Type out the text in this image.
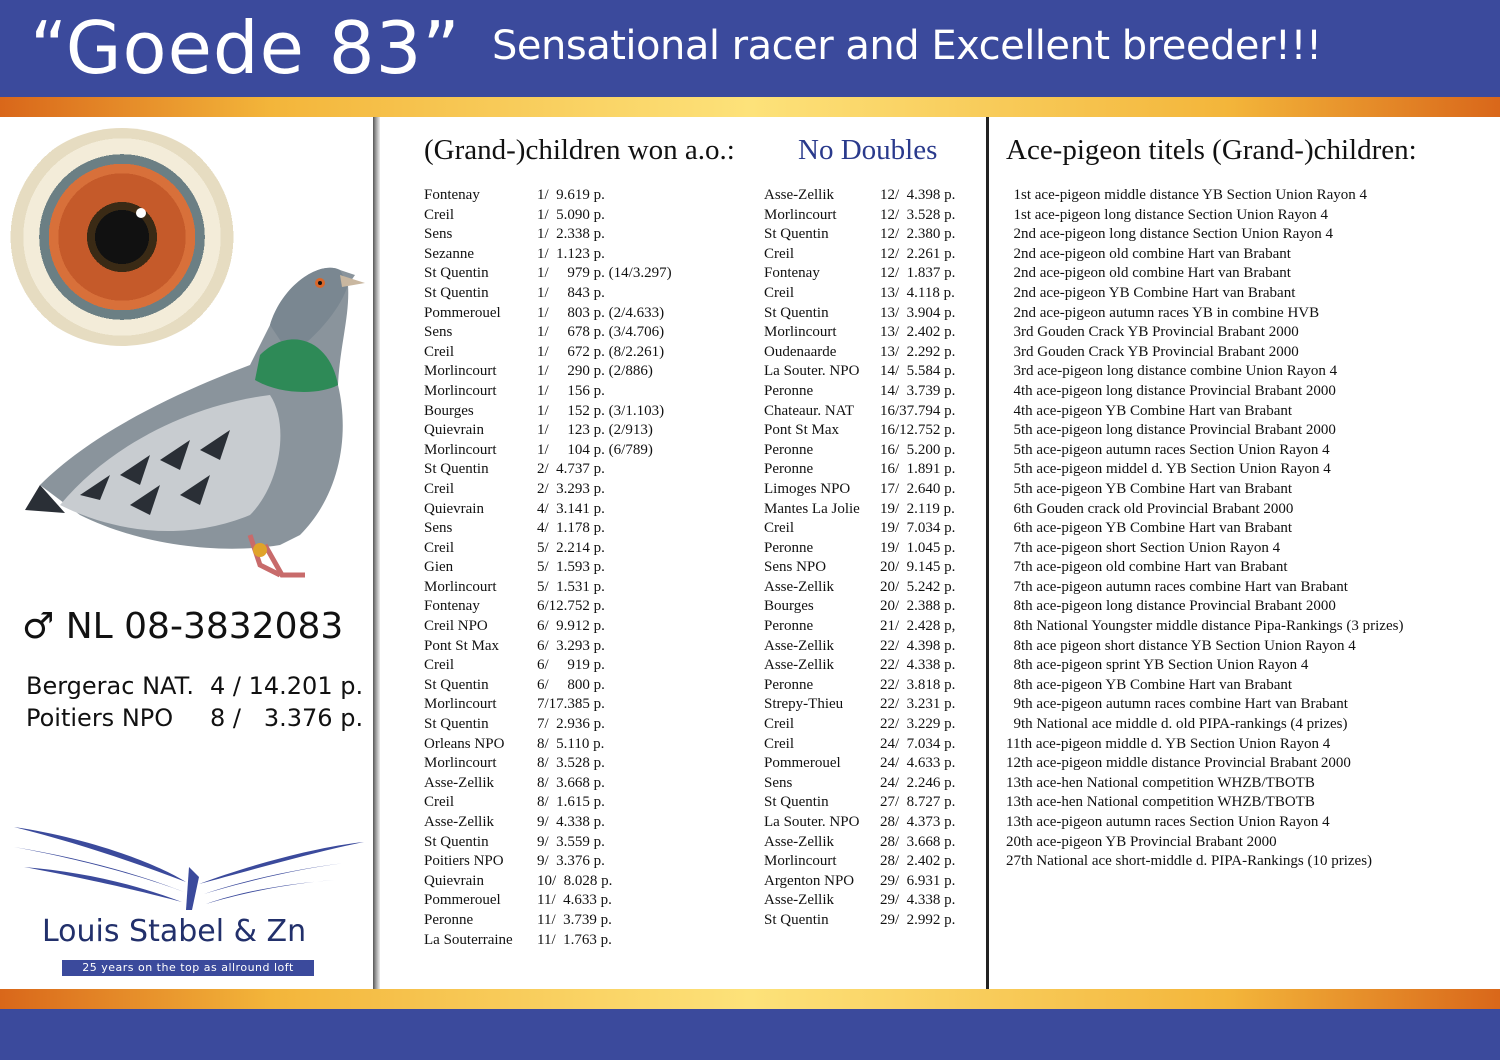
“Goede 83” Sensational racer and Excellent breeder!!!
♂ NL 08-3832083
Bergerac NAT. 4 / 14.201 p.
Poitiers NPO 8 /   3.376 p.
Louis Stabel & Zn
25 years on the top as allround loft
(Grand-)children won a.o.: No Doubles
Fontenay	1/  9.619 p.
Creil	1/  5.090 p.
Sens	1/  2.338 p.
Sezanne	1/  1.123 p.
St Quentin	1/     979 p. (14/3.297)
St Quentin	1/     843 p.
Pommerouel 1/     803 p. (2/4.633)
Sens	1/     678 p. (3/4.706)
Creil	1/     672 p. (8/2.261)
Morlincourt	1/     290 p. (2/886)
Morlincourt	1/     156 p.
Bourges	1/     152 p. (3/1.103)
Quievrain	1/     123 p. (2/913)
Morlincourt	1/     104 p. (6/789)
St Quentin	2/  4.737 p.
Creil	2/  3.293 p.
Quievrain	4/  3.141 p.
Sens	4/  1.178 p.
Creil	5/  2.214 p.
Gien	5/  1.593 p.
Morlincourt	5/  1.531 p.
Fontenay	6/12.752 p.
Creil NPO	6/  9.912 p.
Pont St Max	6/  3.293 p.
Creil	6/     919 p.
St Quentin	6/     800 p.
Morlincourt	7/17.385 p.
St Quentin	7/  2.936 p.
Orleans NPO 8/  5.110 p.
Morlincourt	8/  3.528 p.
Asse-Zellik	8/  3.668 p.
Creil	8/  1.615 p.
Asse-Zellik	9/  4.338 p.
St Quentin	9/  3.559 p.
Poitiers NPO 9/  3.376 p.
Quievrain	10/  8.028 p.
Pommerouel 11/  4.633 p.
Peronne	11/  3.739 p.
La Souterraine 11/  1.763 p.
Asse-Zellik	12/  4.398 p.
Morlincourt	12/  3.528 p.
St Quentin	12/  2.380 p.
Creil	12/  2.261 p.
Fontenay	12/  1.837 p.
Creil	13/  4.118 p.
St Quentin	13/  3.904 p.
Morlincourt	13/  2.402 p.
Oudenaarde	13/  2.292 p.
La Souter. NPO 14/  5.584 p.
Peronne	14/  3.739 p.
Chateaur. NAT 16/37.794 p.
Pont St Max	16/12.752 p.
Peronne	16/  5.200 p.
Peronne	16/  1.891 p.
Limoges NPO 17/  2.640 p.
Mantes La Jolie 19/  2.119 p.
Creil	19/  7.034 p.
Peronne	19/  1.045 p.
Sens NPO	20/  9.145 p.
Asse-Zellik	20/  5.242 p.
Bourges	20/  2.388 p.
Peronne	21/  2.428 p,
Asse-Zellik	22/  4.398 p.
Asse-Zellik	22/  4.338 p.
Peronne	22/  3.818 p.
Strepy-Thieu 22/  3.231 p.
Creil	22/  3.229 p.
Creil	24/  7.034 p.
Pommerouel	24/  4.633 p.
Sens	24/  2.246 p.
St Quentin	27/  8.727 p.
La Souter. NPO 28/  4.373 p.
Asse-Zellik	28/  3.668 p.
Morlincourt	28/  2.402 p.
Argenton NPO 29/  6.931 p.
Asse-Zellik	29/  4.338 p.
St Quentin	29/  2.992 p.
Ace-pigeon titels (Grand-)children:
1st ace-pigeon middle distance YB Section Union Rayon 4
1st ace-pigeon long distance Section Union Rayon 4
2nd ace-pigeon long distance Section Union Rayon 4
2nd ace-pigeon old combine Hart van Brabant
2nd ace-pigeon old combine Hart van Brabant
2nd ace-pigeon YB Combine Hart van Brabant
2nd ace-pigeon autumn races YB in combine HVB
3rd Gouden Crack YB Provincial Brabant 2000
3rd Gouden Crack YB Provincial Brabant 2000
3rd ace-pigeon long distance combine Union Rayon 4
4th ace-pigeon long distance Provincial Brabant 2000
4th ace-pigeon YB Combine Hart van Brabant
5th ace-pigeon long distance Provincial Brabant 2000
5th ace-pigeon autumn races Section Union Rayon 4
5th ace-pigeon middel d. YB Section Union Rayon 4
5th ace-pigeon YB Combine Hart van Brabant
6th Gouden crack old Provincial Brabant 2000
6th ace-pigeon YB Combine Hart van Brabant
7th ace-pigeon short Section Union Rayon 4
7th ace-pigeon old combine Hart van Brabant
7th ace-pigeon autumn races combine Hart van Brabant
8th ace-pigeon long distance Provincial Brabant 2000
8th National Youngster middle distance Pipa-Rankings (3 prizes)
8th ace pigeon short distance YB Section Union Rayon 4
8th ace-pigeon sprint YB Section Union Rayon 4
8th ace-pigeon YB Combine Hart van Brabant
9th ace-pigeon autumn races combine Hart van Brabant
9th National ace middle d. old PIPA-rankings (4 prizes)
11th ace-pigeon middle d. YB Section Union Rayon 4
12th ace-pigeon middle distance Provincial Brabant 2000
13th ace-hen National competition WHZB/TBOTB
13th ace-hen National competition WHZB/TBOTB
13th ace-pigeon autumn races Section Union Rayon 4
20th ace-pigeon YB Provincial Brabant 2000
27th National ace short-middle d. PIPA-Rankings (10 prizes)
